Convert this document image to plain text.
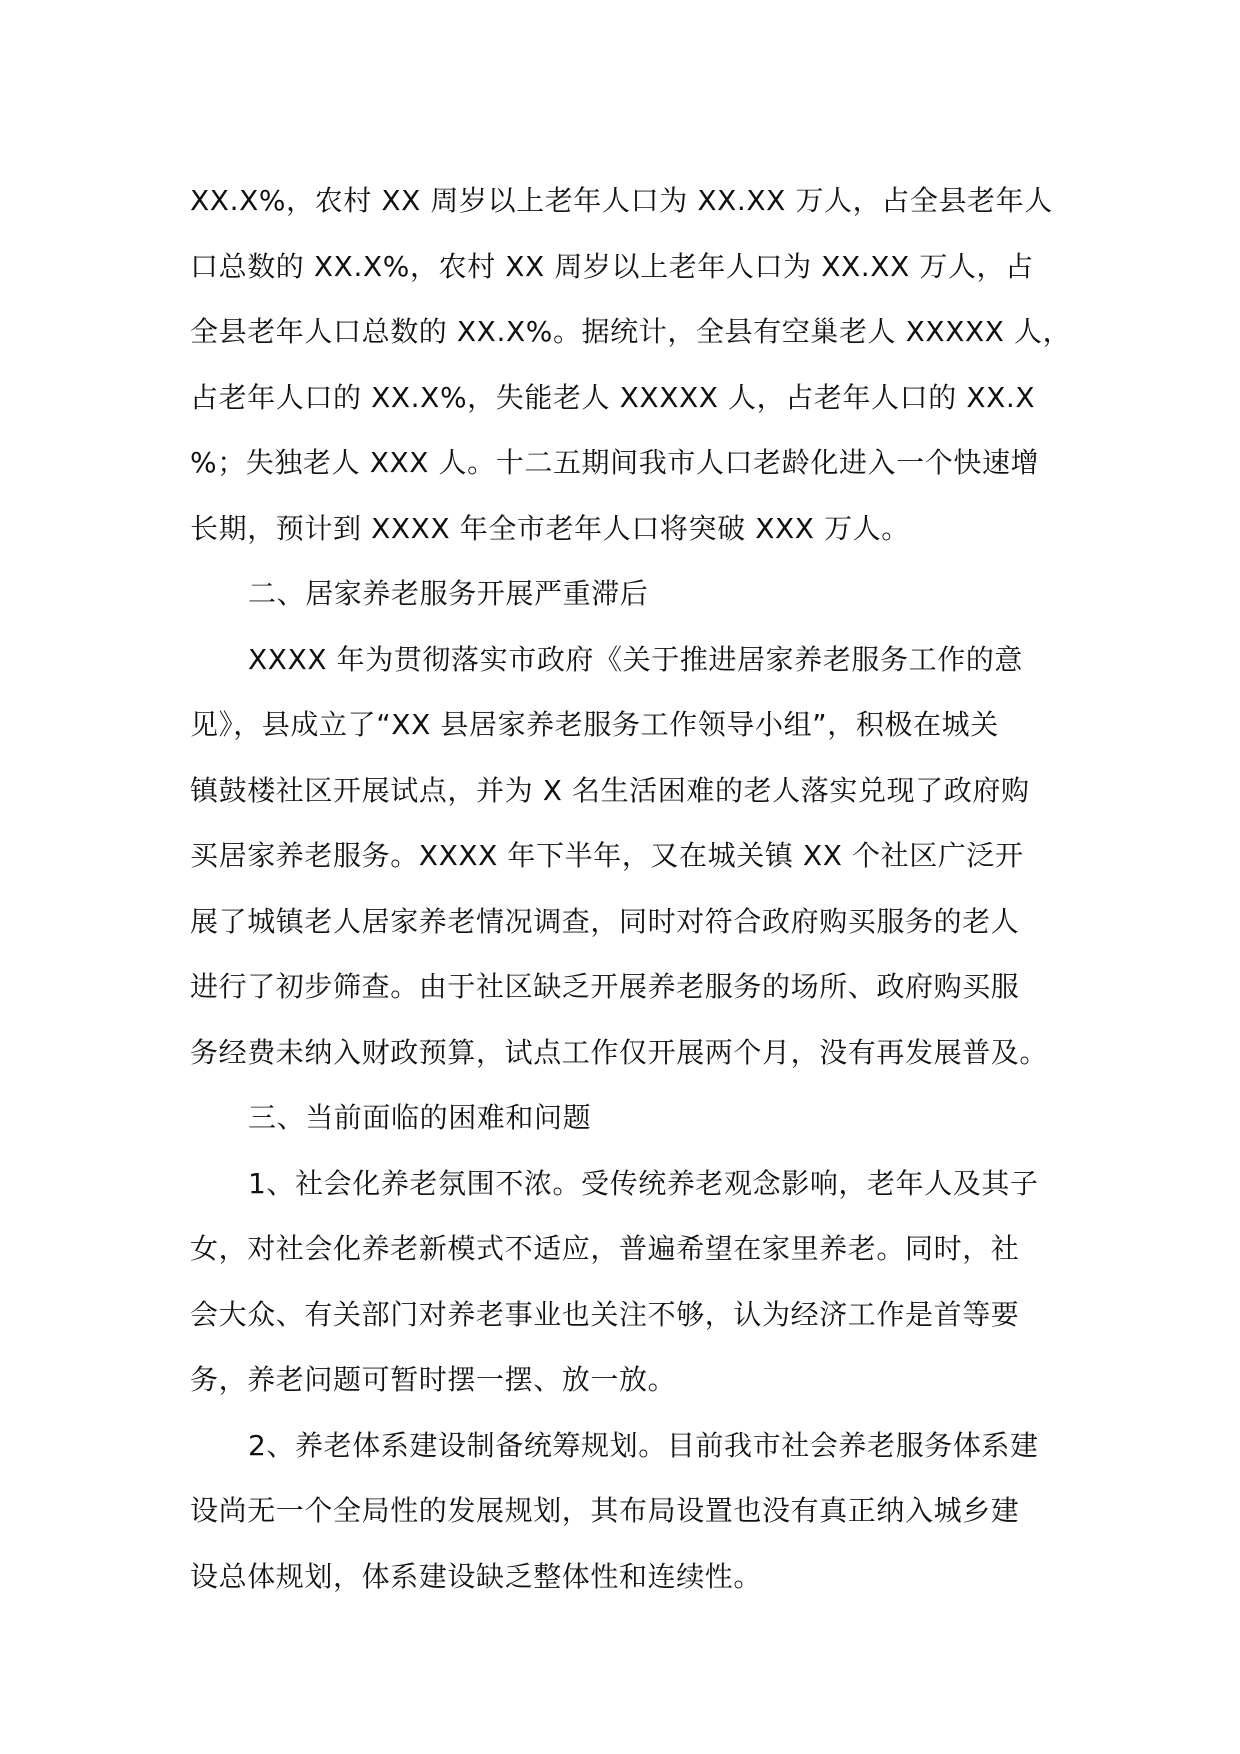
XX.X%，农村 XX 周岁以上老年人口为 XX.XX 万人，占全县老年人
口总数的 XX.X%，农村 XX 周岁以上老年人口为 XX.XX 万人，占
全县老年人口总数的 XX.X%。据统计，全县有空巢老人 XXXXX 人，
占老年人口的 XX.X%，失能老人 XXXXX 人，占老年人口的 XX.X
%；失独老人 XXX 人。十二五期间我市人口老龄化进入一个快速增
长期，预计到 XXXX 年全市老年人口将突破 XXX 万人。
二、居家养老服务开展严重滞后
XXXX 年为贯彻落实市政府《关于推进居家养老服务工作的意
见》，县成立了“XX 县居家养老服务工作领导小组”，积极在城关
镇鼓楼社区开展试点，并为 X 名生活困难的老人落实兑现了政府购
买居家养老服务。XXXX 年下半年，又在城关镇 XX 个社区广泛开
展了城镇老人居家养老情况调查，同时对符合政府购买服务的老人
进行了初步筛查。由于社区缺乏开展养老服务的场所、政府购买服
务经费未纳入财政预算，试点工作仅开展两个月，没有再发展普及。
三、当前面临的困难和问题
1、社会化养老氛围不浓。受传统养老观念影响，老年人及其子
女，对社会化养老新模式不适应，普遍希望在家里养老。同时，社
会大众、有关部门对养老事业也关注不够，认为经济工作是首等要
务，养老问题可暂时摆一摆、放一放。
2、养老体系建设制备统筹规划。目前我市社会养老服务体系建
设尚无一个全局性的发展规划，其布局设置也没有真正纳入城乡建
设总体规划，体系建设缺乏整体性和连续性。
